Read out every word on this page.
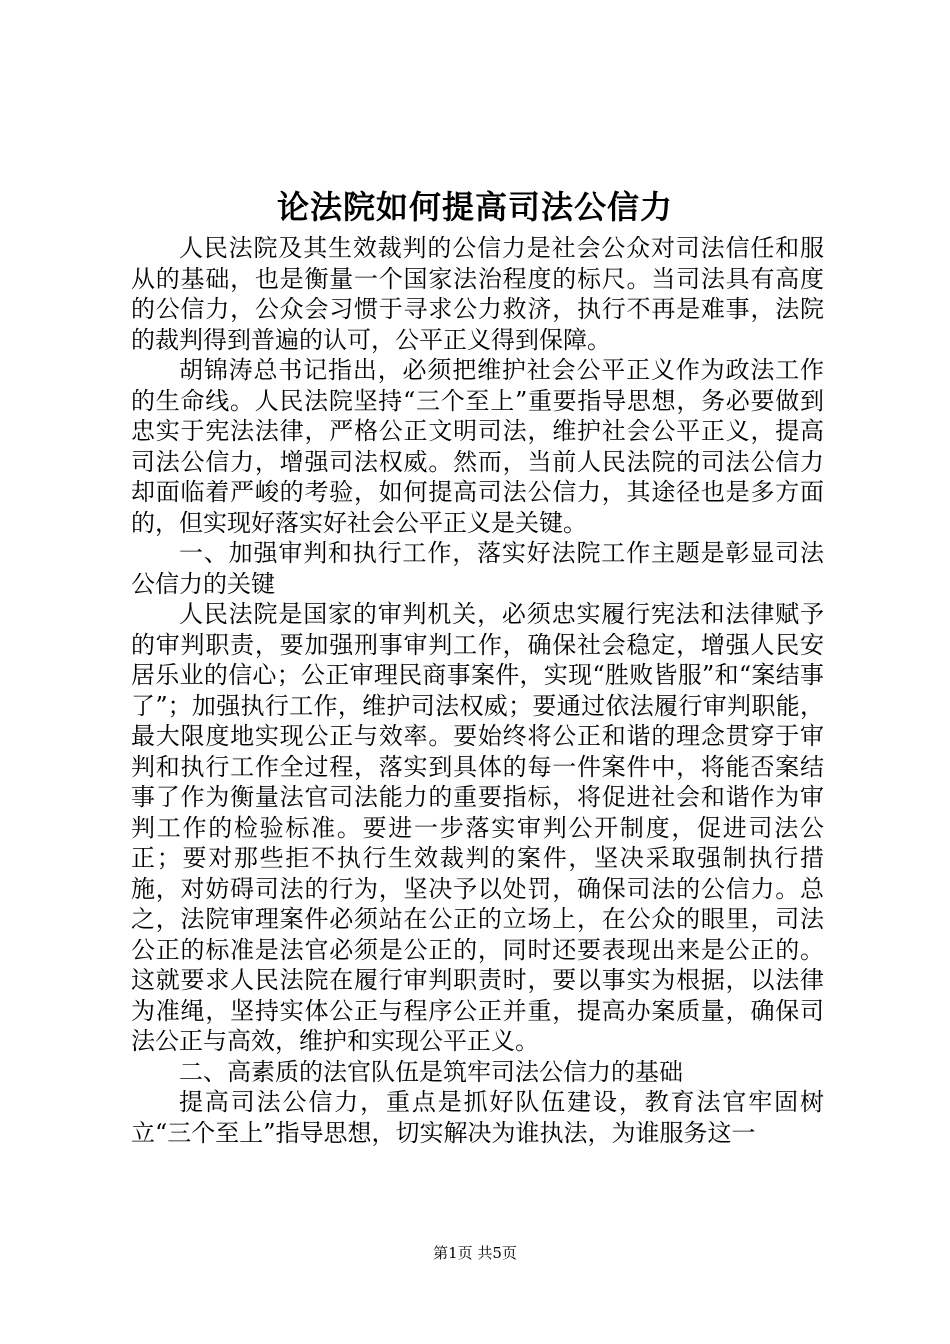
论法院如何提高司法公信力

人民法院及其生效裁判的公信力是社会公众对司法信任和服从的基础，也是衡量一个国家法治程度的标尺。当司法具有高度的公信力，公众会习惯于寻求公力救济，执行不再是难事，法院的裁判得到普遍的认可，公平正义得到保障。

胡锦涛总书记指出，必须把维护社会公平正义作为政法工作的生命线。人民法院坚持“三个至上”重要指导思想，务必要做到忠实于宪法法律，严格公正文明司法，维护社会公平正义，提高司法公信力，增强司法权威。然而，当前人民法院的司法公信力却面临着严峻的考验，如何提高司法公信力，其途径也是多方面的，但实现好落实好社会公平正义是关键。

一、加强审判和执行工作，落实好法院工作主题是彰显司法公信力的关键

人民法院是国家的审判机关，必须忠实履行宪法和法律赋予的审判职责，要加强刑事审判工作，确保社会稳定，增强人民安居乐业的信心；公正审理民商事案件，实现“胜败皆服”和“案结事了”；加强执行工作，维护司法权威；要通过依法履行审判职能，最大限度地实现公正与效率。要始终将公正和谐的理念贯穿于审判和执行工作全过程，落实到具体的每一件案件中，将能否案结事了作为衡量法官司法能力的重要指标，将促进社会和谐作为审判工作的检验标准。要进一步落实审判公开制度，促进司法公正；要对那些拒不执行生效裁判的案件，坚决采取强制执行措施，对妨碍司法的行为，坚决予以处罚，确保司法的公信力。总之，法院审理案件必须站在公正的立场上，在公众的眼里，司法公正的标准是法官必须是公正的，同时还要表现出来是公正的。这就要求人民法院在履行审判职责时，要以事实为根据，以法律为准绳，坚持实体公正与程序公正并重，提高办案质量，确保司法公正与高效，维护和实现公平正义。

二、高素质的法官队伍是筑牢司法公信力的基础

提高司法公信力，重点是抓好队伍建设，教育法官牢固树立“三个至上”指导思想，切实解决为谁执法，为谁服务这一

第1页 共5页
